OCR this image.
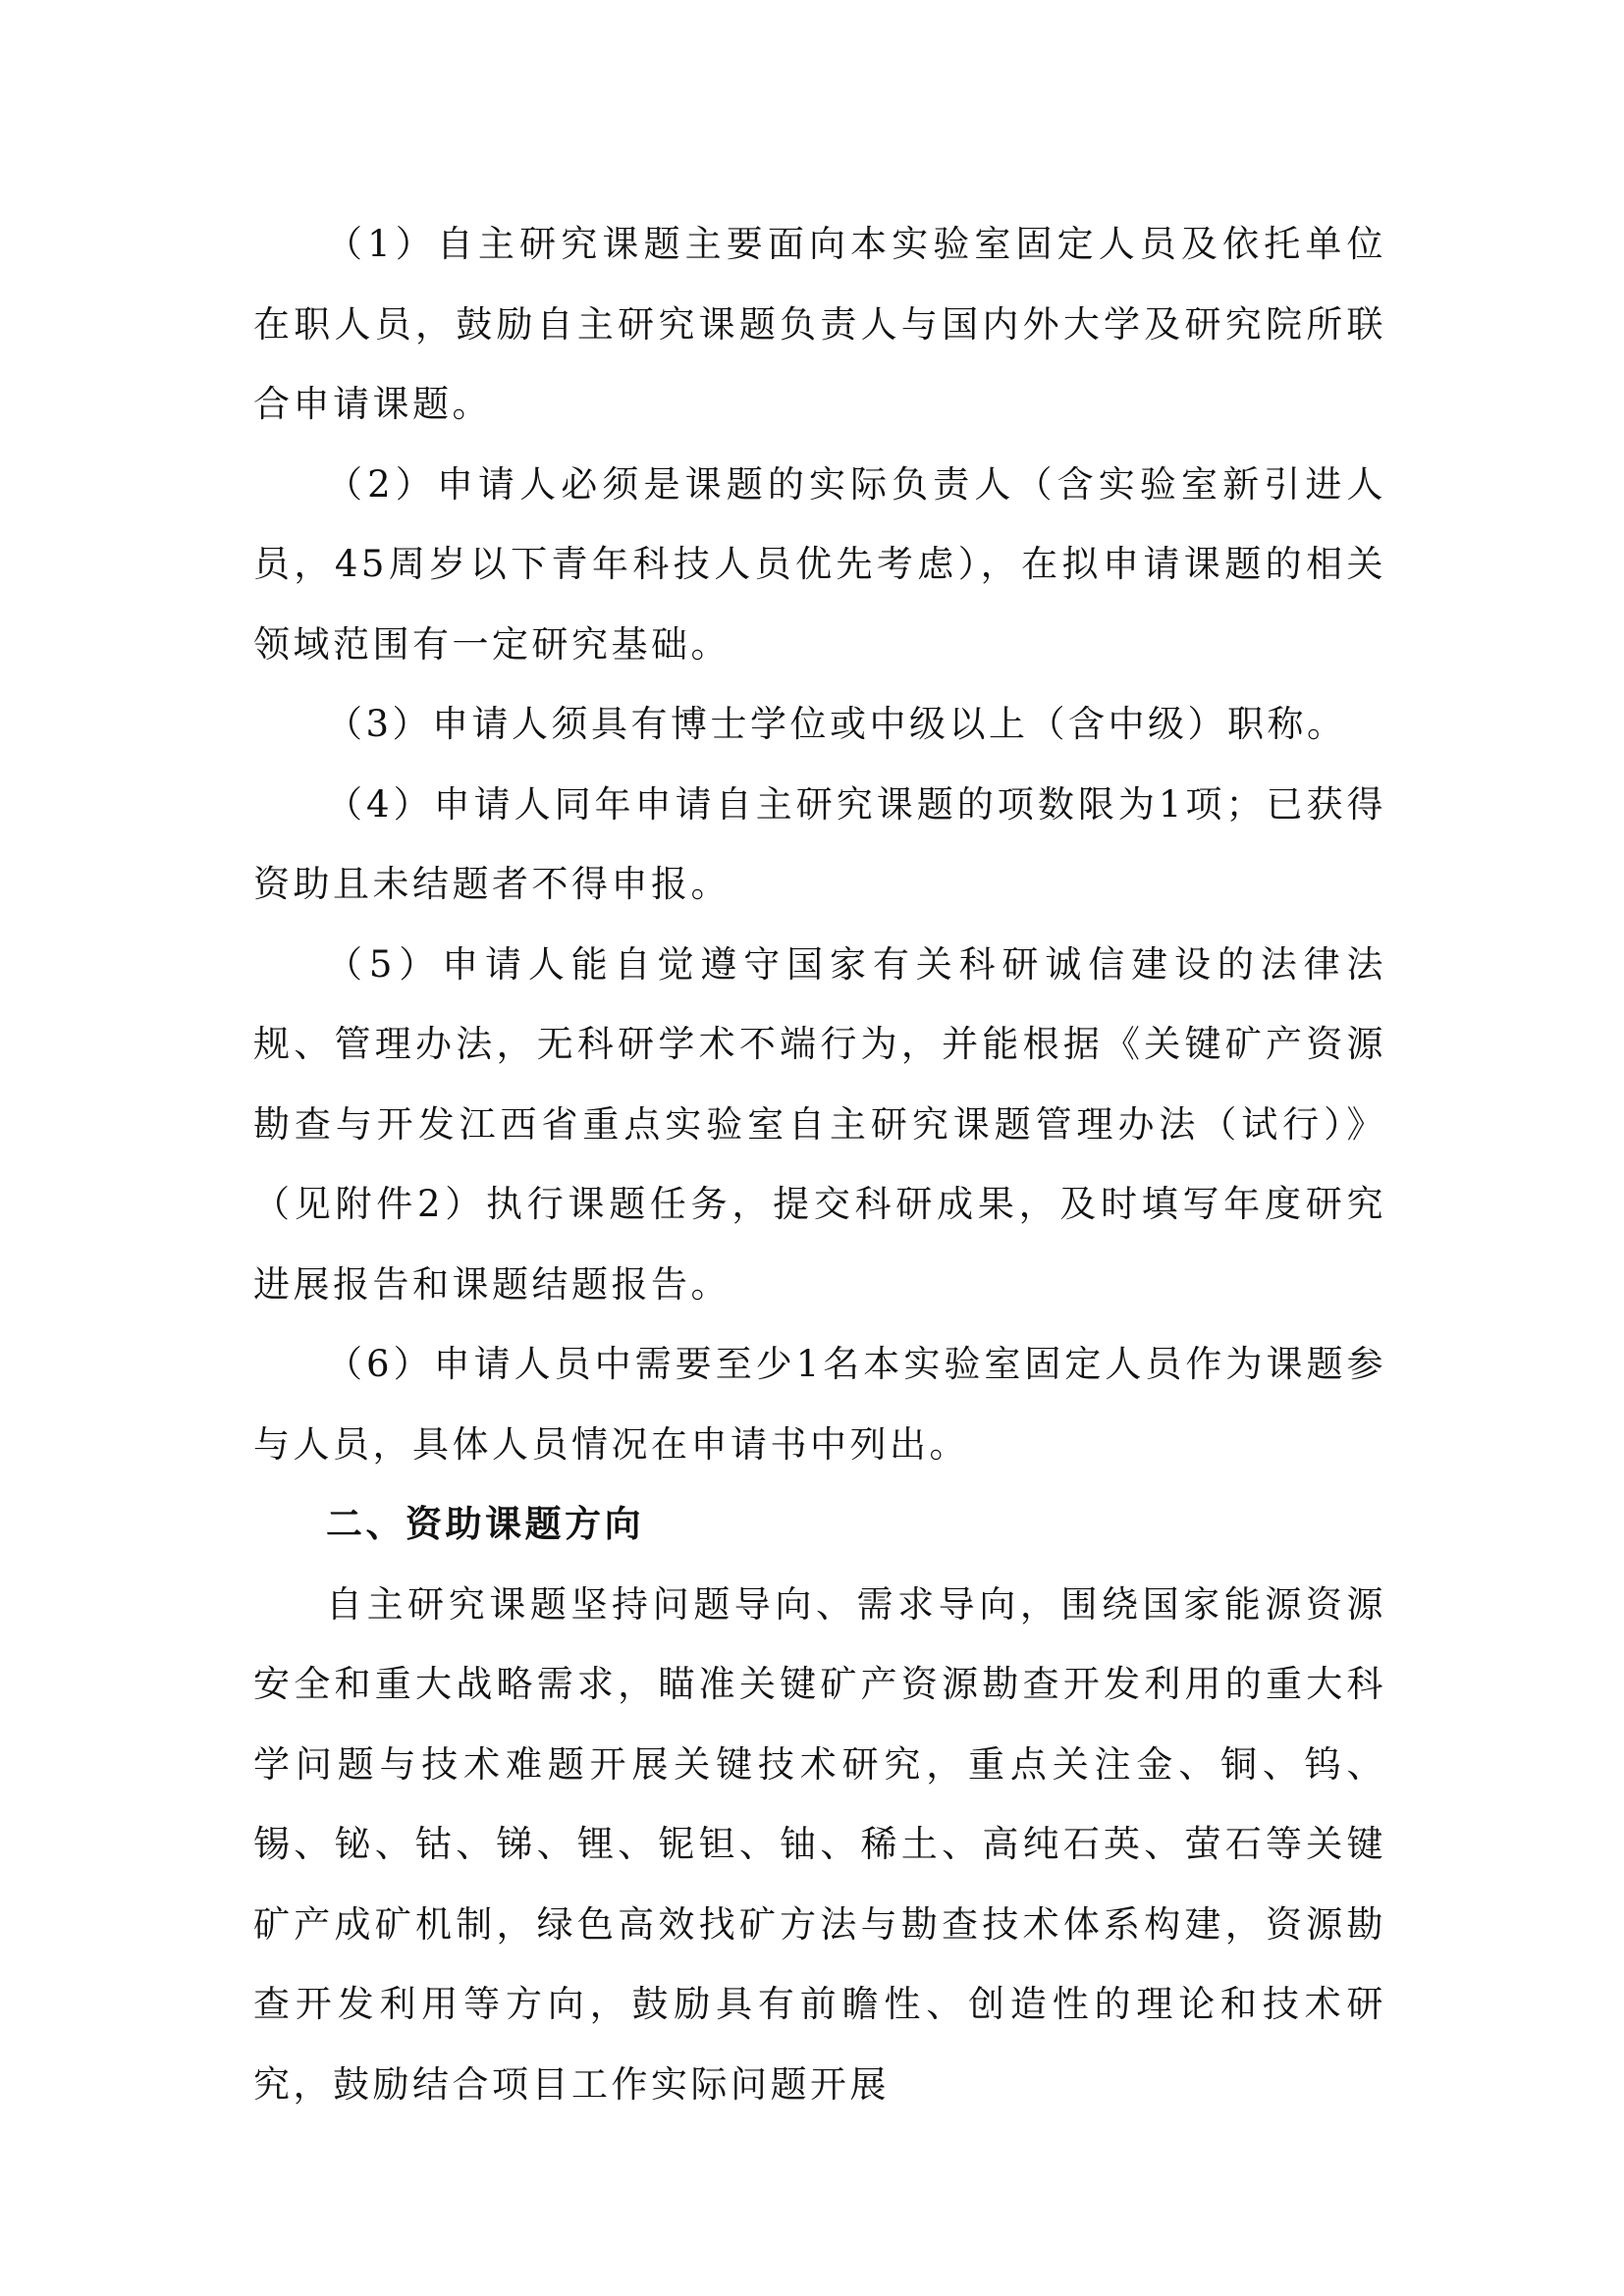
（1）自主研究课题主要面向本实验室固定人员及依托单位在职人员，鼓励自主研究课题负责人与国内外大学及研究院所联合申请课题。

（2）申请人必须是课题的实际负责人（含实验室新引进人员，45周岁以下青年科技人员优先考虑），在拟申请课题的相关领域范围有一定研究基础。

（3）申请人须具有博士学位或中级以上（含中级）职称。

（4）申请人同年申请自主研究课题的项数限为1项；已获得资助且未结题者不得申报。

（5）申请人能自觉遵守国家有关科研诚信建设的法律法规、管理办法，无科研学术不端行为，并能根据《关键矿产资源勘查与开发江西省重点实验室自主研究课题管理办法（试行）》（见附件2）执行课题任务，提交科研成果，及时填写年度研究进展报告和课题结题报告。

（6）申请人员中需要至少1名本实验室固定人员作为课题参与人员，具体人员情况在申请书中列出。

二、资助课题方向

自主研究课题坚持问题导向、需求导向，围绕国家能源资源安全和重大战略需求，瞄准关键矿产资源勘查开发利用的重大科学问题与技术难题开展关键技术研究，重点关注金、铜、钨、锡、铋、钴、锑、锂、铌钽、铀、稀土、高纯石英、萤石等关键矿产成矿机制，绿色高效找矿方法与勘查技术体系构建，资源勘查开发利用等方向，鼓励具有前瞻性、创造性的理论和技术研究，鼓励结合项目工作实际问题开展
